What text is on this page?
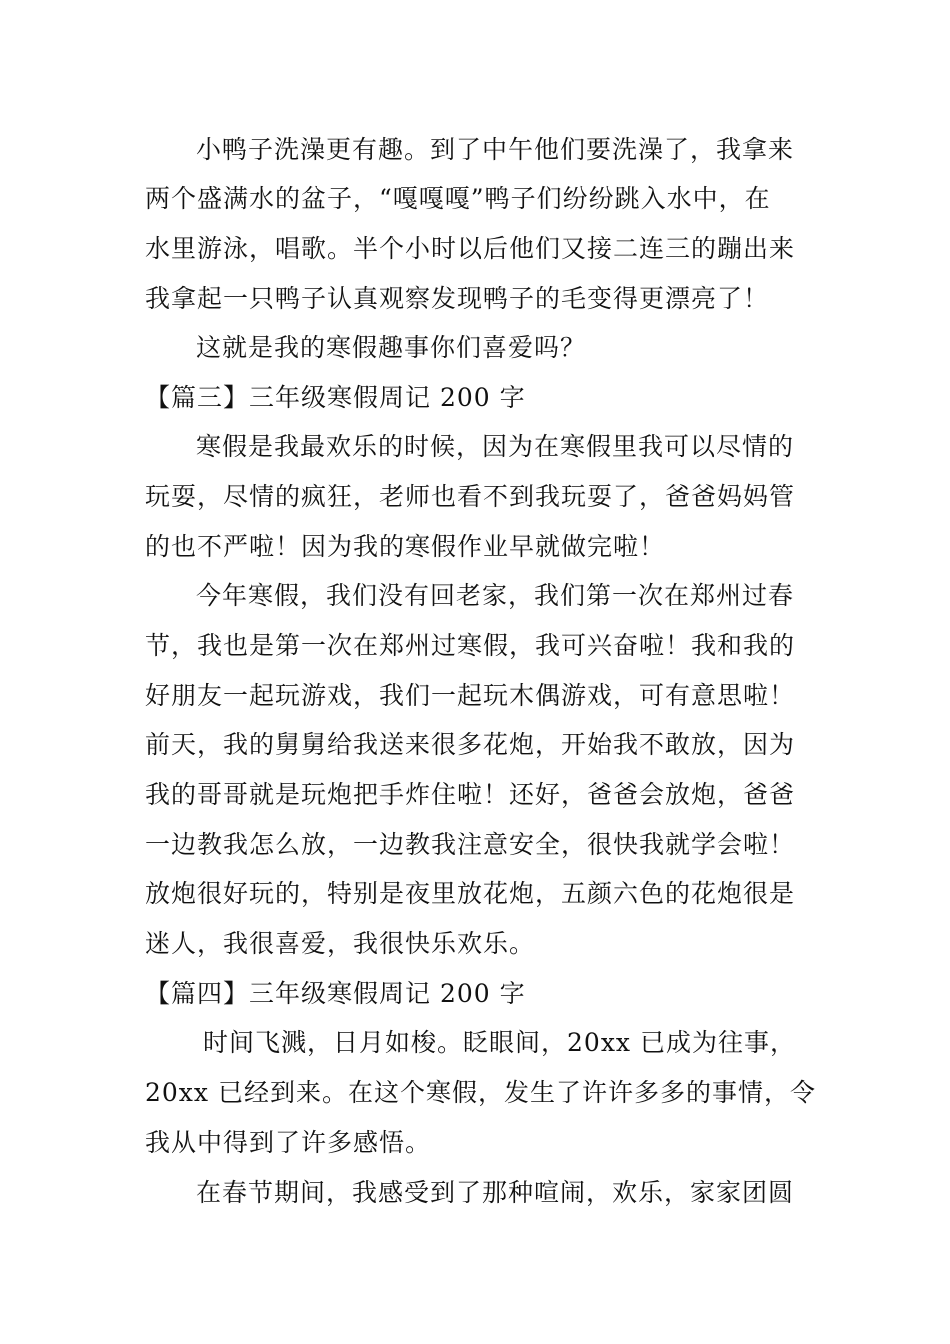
小鸭子洗澡更有趣。到了中午他们要洗澡了，我拿来
两个盛满水的盆子，“嘎嘎嘎”鸭子们纷纷跳入水中，在
水里游泳，唱歌。半个小时以后他们又接二连三的蹦出来
我拿起一只鸭子认真观察发现鸭子的毛变得更漂亮了！
这就是我的寒假趣事你们喜爱吗？
【篇三】三年级寒假周记 200 字
寒假是我最欢乐的时候，因为在寒假里我可以尽情的
玩耍，尽情的疯狂，老师也看不到我玩耍了，爸爸妈妈管
的也不严啦！因为我的寒假作业早就做完啦！
今年寒假，我们没有回老家，我们第一次在郑州过春
节，我也是第一次在郑州过寒假，我可兴奋啦！我和我的
好朋友一起玩游戏，我们一起玩木偶游戏，可有意思啦！
前天，我的舅舅给我送来很多花炮，开始我不敢放，因为
我的哥哥就是玩炮把手炸住啦！还好，爸爸会放炮，爸爸
一边教我怎么放，一边教我注意安全，很快我就学会啦！
放炮很好玩的，特别是夜里放花炮，五颜六色的花炮很是
迷人，我很喜爱，我很快乐欢乐。
【篇四】三年级寒假周记 200 字
时间飞溅，日月如梭。眨眼间，20xx 已成为往事，
20xx 已经到来。在这个寒假，发生了许许多多的事情，令
我从中得到了许多感悟。
在春节期间，我感受到了那种喧闹，欢乐，家家团圆
